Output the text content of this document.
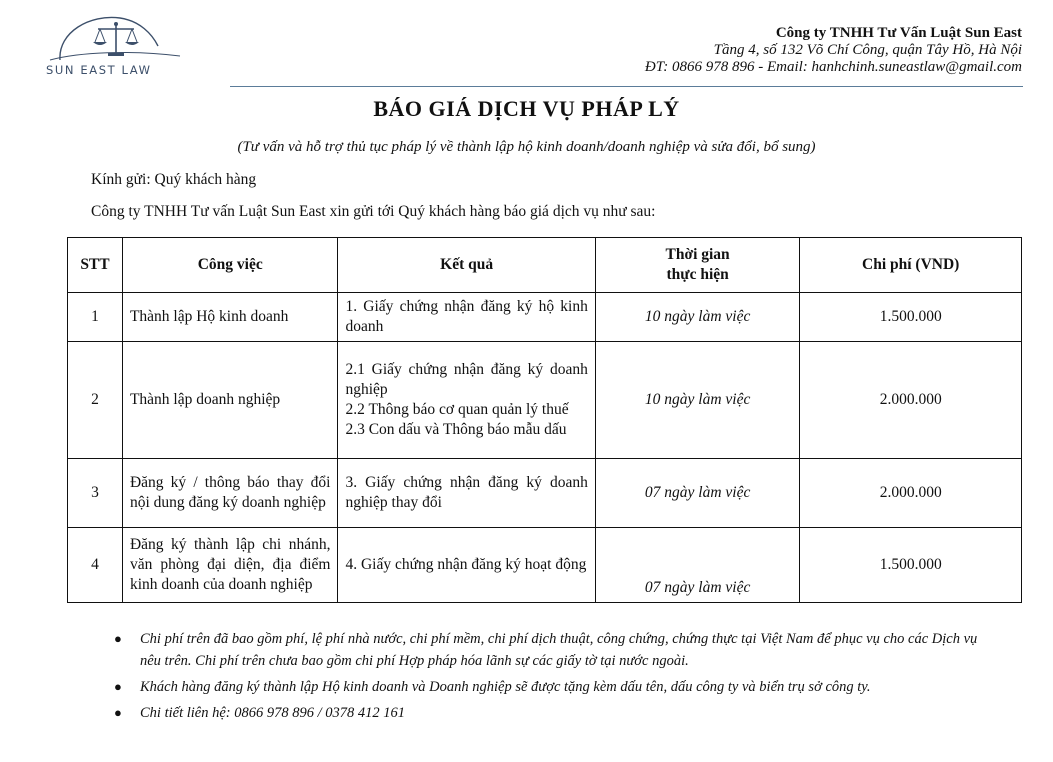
SUN EAST LAW
Công ty TNHH Tư Vấn Luật Sun East
Tầng 4, số 132 Võ Chí Công, quận Tây Hồ, Hà Nội
ĐT: 0866 978 896 - Email: hanhchinh.suneastlaw@gmail.com
BÁO GIÁ DỊCH VỤ PHÁP LÝ
(Tư vấn và hỗ trợ thủ tục pháp lý về thành lập hộ kinh doanh/doanh nghiệp và sửa đổi, bổ sung)
Kính gửi: Quý khách hàng
Công ty TNHH Tư vấn Luật Sun East xin gửi tới Quý khách hàng báo giá dịch vụ như sau:
STT	Công việc	Kết quả	Thời gian
thực hiện	Chi phí (VND)
1	Thành lập Hộ kinh doanh	1. Giấy chứng nhận đăng ký hộ kinh doanh	10 ngày làm việc	1.500.000
2	Thành lập doanh nghiệp	2.1 Giấy chứng nhận đăng ký doanh nghiệp
2.2 Thông báo cơ quan quản lý thuế
2.3 Con dấu và Thông báo mẫu dấu	10 ngày làm việc	2.000.000
3	Đăng ký / thông báo thay đổi nội dung đăng ký doanh nghiệp	3. Giấy chứng nhận đăng ký doanh nghiệp thay đổi	07 ngày làm việc	2.000.000
4	Đăng ký thành lập chi nhánh, văn phòng đại diện, địa điểm kinh doanh của doanh nghiệp	4. Giấy chứng nhận đăng ký hoạt động	07 ngày làm việc	1.500.000
● Chi phí trên đã bao gồm phí, lệ phí nhà nước, chi phí mềm, chi phí dịch thuật, công chứng, chứng thực tại Việt Nam để phục vụ cho các Dịch vụ nêu trên. Chi phí trên chưa bao gồm chi phí Hợp pháp hóa lãnh sự các giấy tờ tại nước ngoài.
● Khách hàng đăng ký thành lập Hộ kinh doanh và Doanh nghiệp sẽ được tặng kèm dấu tên, dấu công ty và biển trụ sở công ty.
● Chi tiết liên hệ: 0866 978 896 / 0378 412 161
